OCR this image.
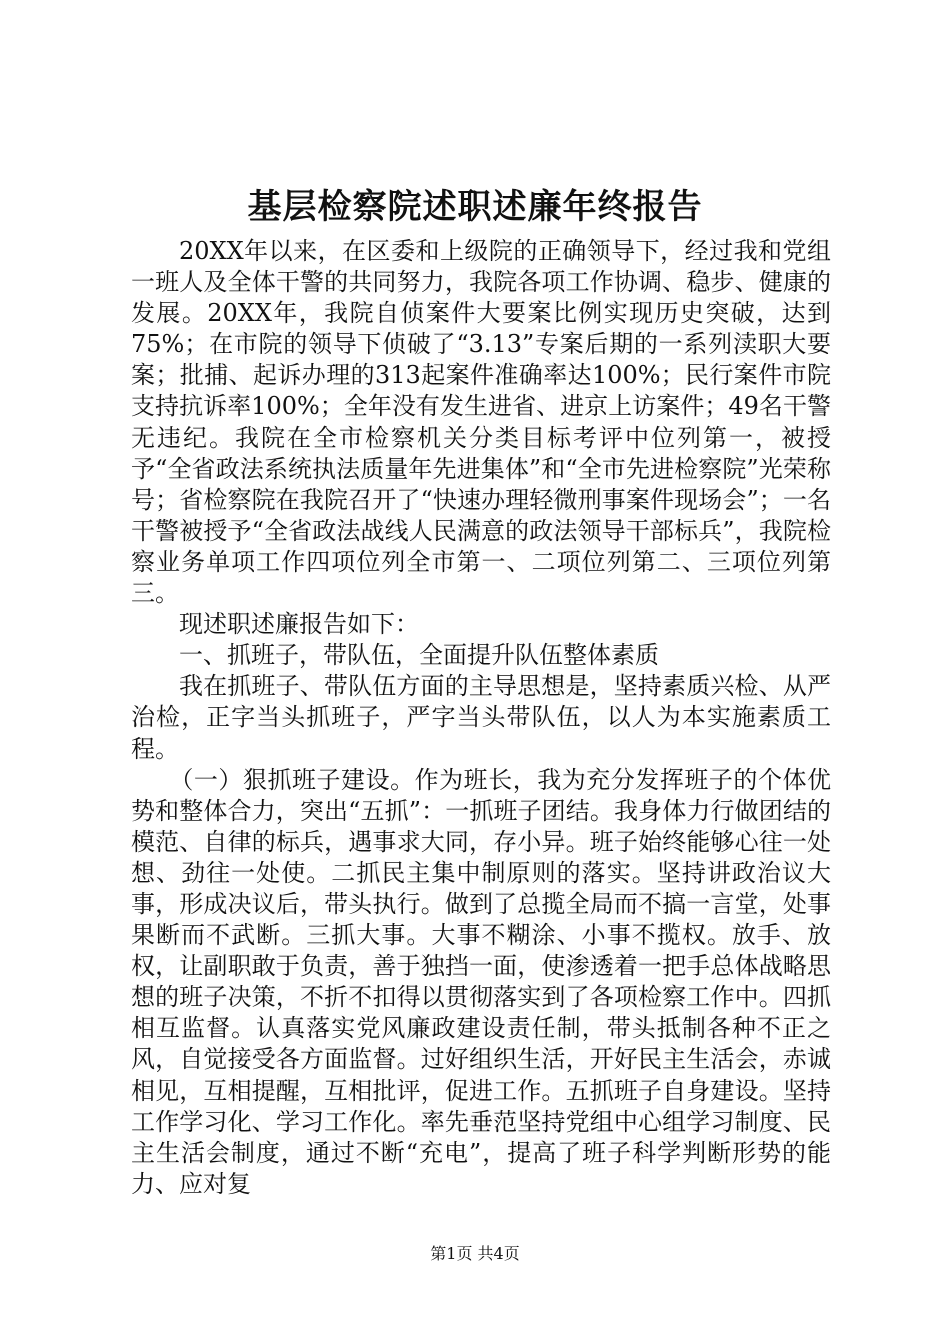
基层检察院述职述廉年终报告

20XX年以来，在区委和上级院的正确领导下，经过我和党组一班人及全体干警的共同努力，我院各项工作协调、稳步、健康的发展。20XX年，我院自侦案件大要案比例实现历史突破，达到75%；在市院的领导下侦破了“3.13”专案后期的一系列渎职大要案；批捕、起诉办理的313起案件准确率达100%；民行案件市院支持抗诉率100%；全年没有发生进省、进京上访案件；49名干警无违纪。我院在全市检察机关分类目标考评中位列第一，被授予“全省政法系统执法质量年先进集体”和“全市先进检察院”光荣称号；省检察院在我院召开了“快速办理轻微刑事案件现场会”；一名干警被授予“全省政法战线人民满意的政法领导干部标兵”，我院检察业务单项工作四项位列全市第一、二项位列第二、三项位列第三。

现述职述廉报告如下：

一、抓班子，带队伍，全面提升队伍整体素质

我在抓班子、带队伍方面的主导思想是，坚持素质兴检、从严治检，正字当头抓班子，严字当头带队伍，以人为本实施素质工程。

（一）狠抓班子建设。作为班长，我为充分发挥班子的个体优势和整体合力，突出“五抓”：一抓班子团结。我身体力行做团结的模范、自律的标兵，遇事求大同，存小异。班子始终能够心往一处想、劲往一处使。二抓民主集中制原则的落实。坚持讲政治议大事，形成决议后，带头执行。做到了总揽全局而不搞一言堂，处事果断而不武断。三抓大事。大事不糊涂、小事不揽权。放手、放权，让副职敢于负责，善于独挡一面，使渗透着一把手总体战略思想的班子决策，不折不扣得以贯彻落实到了各项检察工作中。四抓相互监督。认真落实党风廉政建设责任制，带头抵制各种不正之风，自觉接受各方面监督。过好组织生活，开好民主生活会，赤诚相见，互相提醒，互相批评，促进工作。五抓班子自身建设。坚持工作学习化、学习工作化。率先垂范坚持党组中心组学习制度、民主生活会制度，通过不断“充电”，提高了班子科学判断形势的能力、应对复

第1页 共4页
